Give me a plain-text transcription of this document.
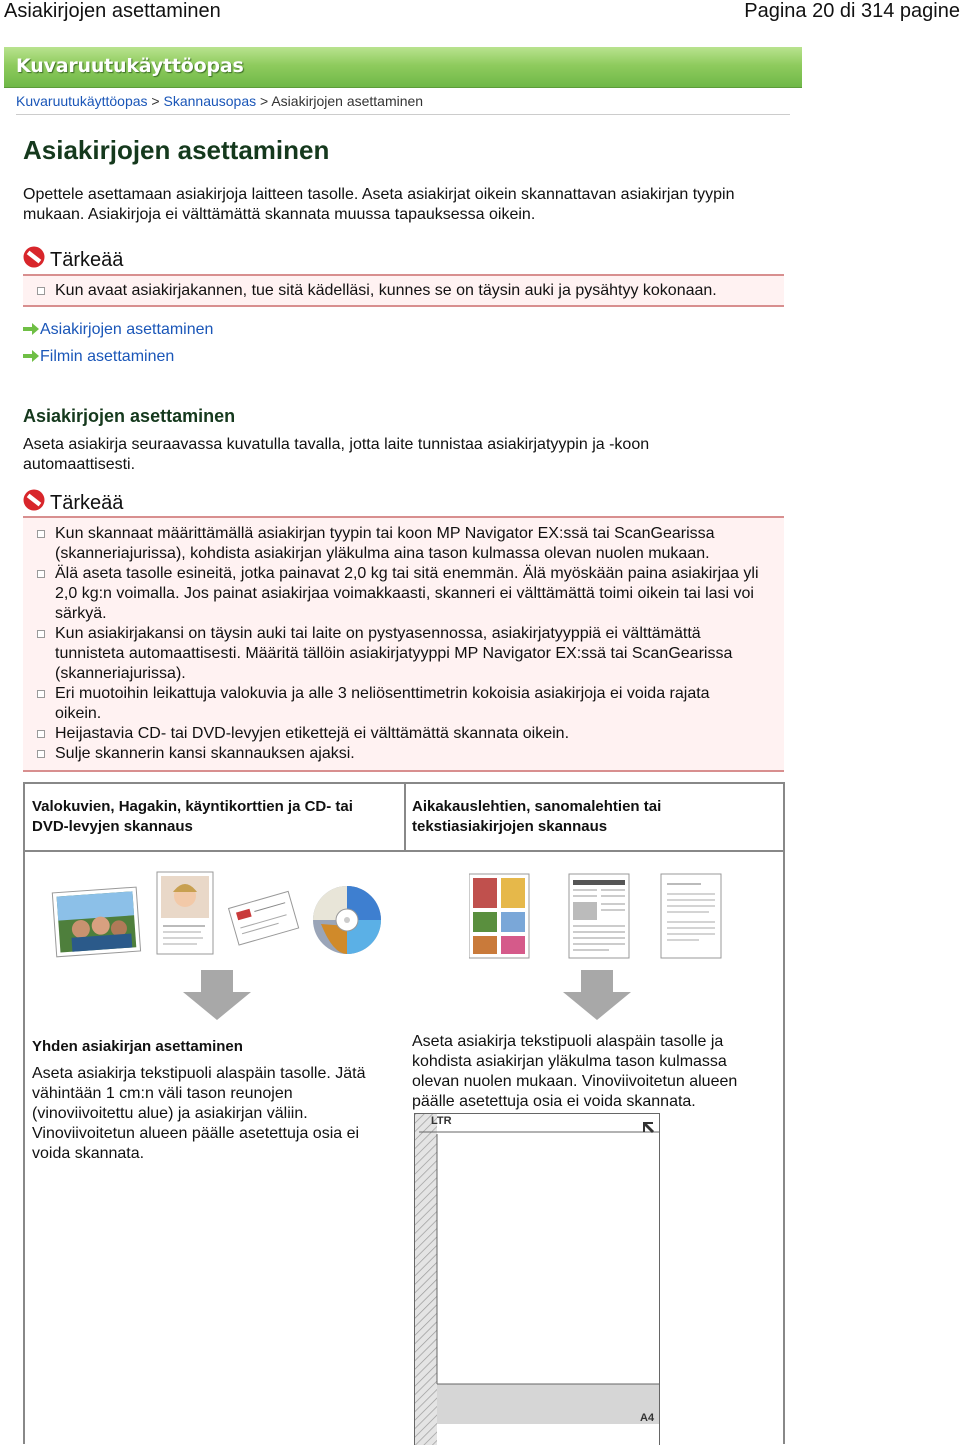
Asiakirjojen asettaminen	Pagina 20 di 314 pagine
Kuvaruutukäyttöopas
Kuvaruutukäyttöopas > Skannausopas > Asiakirjojen asettaminen
Asiakirjojen asettaminen

Opettele asettamaan asiakirjoja laitteen tasolle. Aseta asiakirjat oikein skannattavan asiakirjan tyypin

mukaan. Asiakirjoja ei välttämättä skannata muussa tapauksessa oikein.

Tärkeää
Kun avaat asiakirjakannen, tue sitä kädelläsi, kunnes se on täysin auki ja pysähtyy kokonaan.
Asiakirjojen asettaminen
Filmin asettaminen
Asiakirjojen asettaminen

Aseta asiakirja seuraavassa kuvatulla tavalla, jotta laite tunnistaa asiakirjatyypin ja -koon

automaattisesti.

Tärkeää
Kun skannaat määrittämällä asiakirjan tyypin tai koon MP Navigator EX:ssä tai ScanGearissa
(skanneriajurissa), kohdista asiakirjan yläkulma aina tason kulmassa olevan nuolen mukaan.
Älä aseta tasolle esineitä, jotka painavat 2,0 kg tai sitä enemmän. Älä myöskään paina asiakirjaa yli
2,0 kg:n voimalla. Jos painat asiakirjaa voimakkaasti, skanneri ei välttämättä toimi oikein tai lasi voi
särkyä.
Kun asiakirjakansi on täysin auki tai laite on pystyasennossa, asiakirjatyyppiä ei välttämättä
tunnisteta automaattisesti. Määritä tällöin asiakirjatyyppi MP Navigator EX:ssä tai ScanGearissa
(skanneriajurissa).
Eri muotoihin leikattuja valokuvia ja alle 3 neliösenttimetrin kokoisia asiakirjoja ei voida rajata
oikein.
Heijastavia CD- tai DVD-levyjen etikettejä ei välttämättä skannata oikein.
Sulje skannerin kansi skannauksen ajaksi.
Valokuvien, Hagakin, käyntikorttien ja CD- tai
DVD-levyjen skannaus
Aikakauslehtien, sanomalehtien tai
tekstiasiakirjojen skannaus
Yhden asiakirjan asettaminen
Aseta asiakirja tekstipuoli alaspäin tasolle. Jätä
vähintään 1 cm:n väli tason reunojen
(vinoviivoitettu alue) ja asiakirjan väliin.
Vinoviivoitetun alueen päälle asetettuja osia ei
voida skannata.
Aseta asiakirja tekstipuoli alaspäin tasolle ja
kohdista asiakirjan yläkulma tason kulmassa
olevan nuolen mukaan. Vinoviivoitetun alueen
päälle asetettuja osia ei voida skannata.
LTR
A4
